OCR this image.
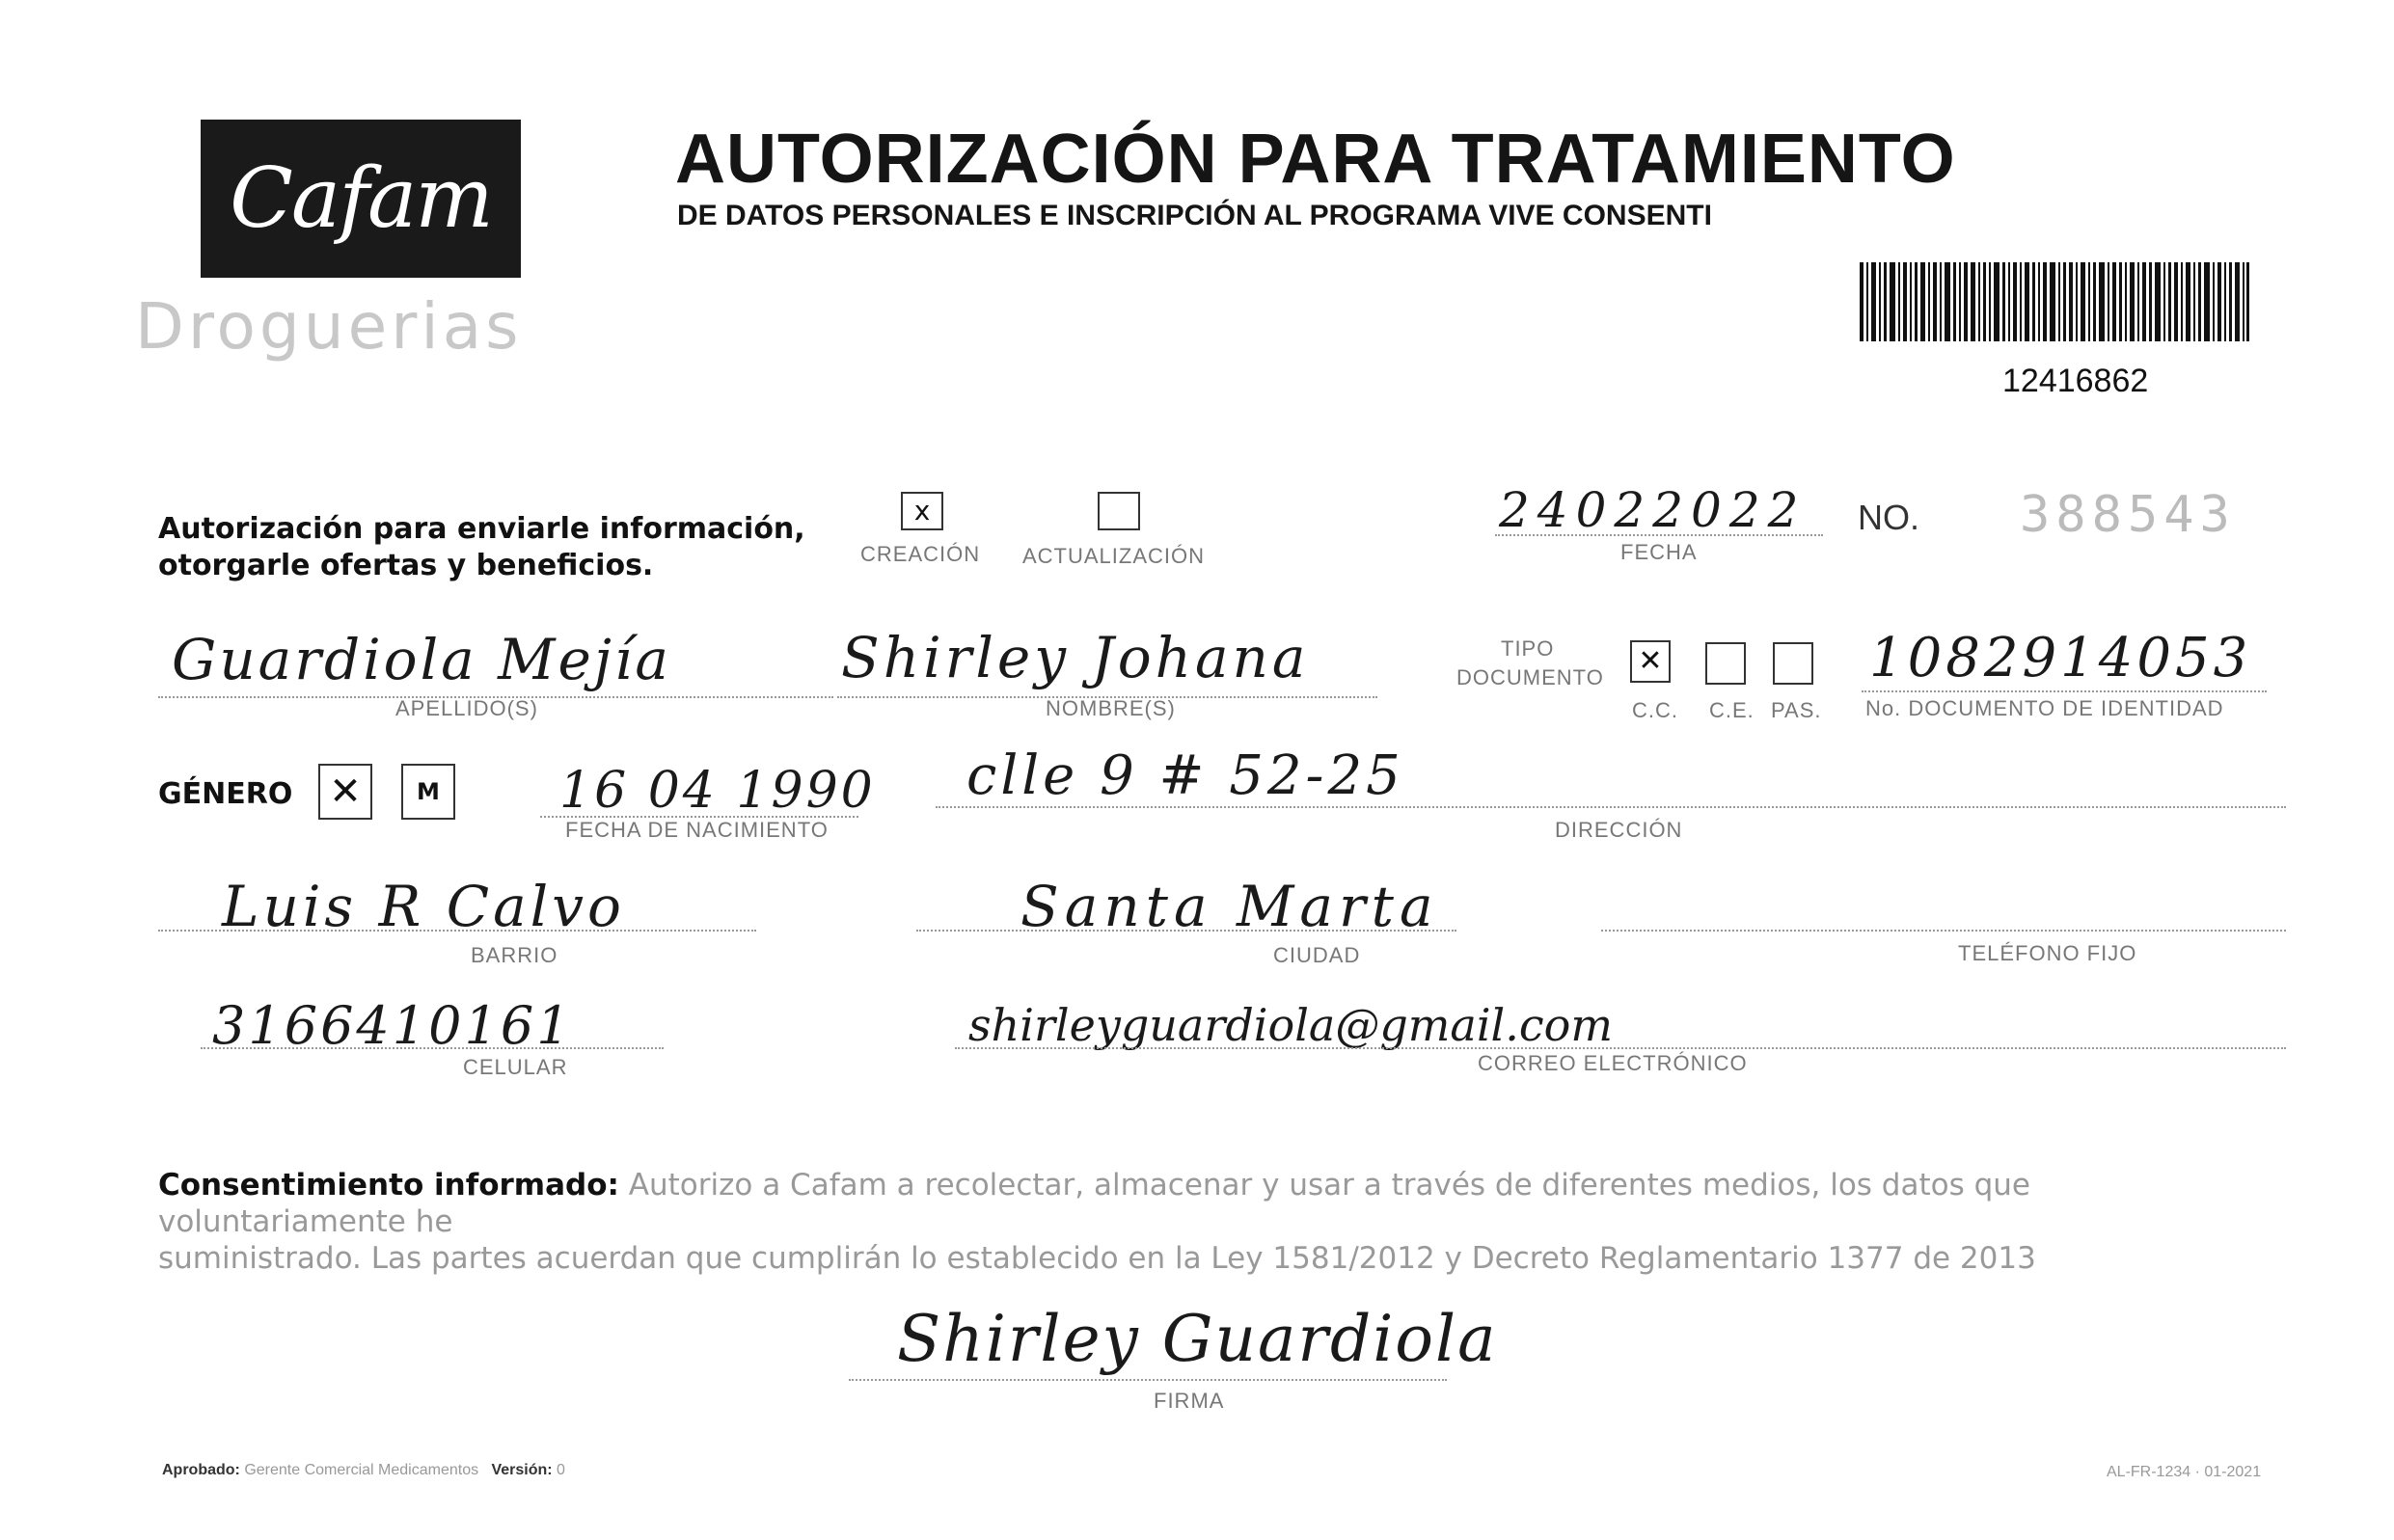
Cafam
Droguerias
AUTORIZACIÓN PARA TRATAMIENTO
DE DATOS PERSONALES E INSCRIPCIÓN AL PROGRAMA VIVE CONSENTI
12416862
Autorización para enviarle información,
otorgarle ofertas y beneficios.
x
CREACIÓN ACTUALIZACIÓN
24022022
FECHA
NO. 388543
Guardiola Mejía
APELLIDO(S)
Shirley Johana
NOMBRE(S)
TIPO
DOCUMENTO ✕
C.C. C.E. PAS.
1082914053
No. DOCUMENTO DE IDENTIDAD
GÉNERO ✕	M	16 04 1990
FECHA DE NACIMIENTO
clle 9 # 52-25
DIRECCIÓN
Luis R Calvo
BARRIO
Santa Marta
CIUDAD	TELÉFONO FIJO
3166410161
CELULAR
shirleyguardiola@gmail.com
CORREO ELECTRÓNICO
Consentimiento informado: Autorizo a Cafam a recolectar, almacenar y usar a través de diferentes medios, los datos que voluntariamente he
suministrado. Las partes acuerdan que cumplirán lo establecido en la Ley 1581/2012 y Decreto Reglamentario 1377 de 2013
Shirley Guardiola
FIRMA
Aprobado: Gerente Comercial Medicamentos Versión: 0	AL-FR-1234 · 01-2021
